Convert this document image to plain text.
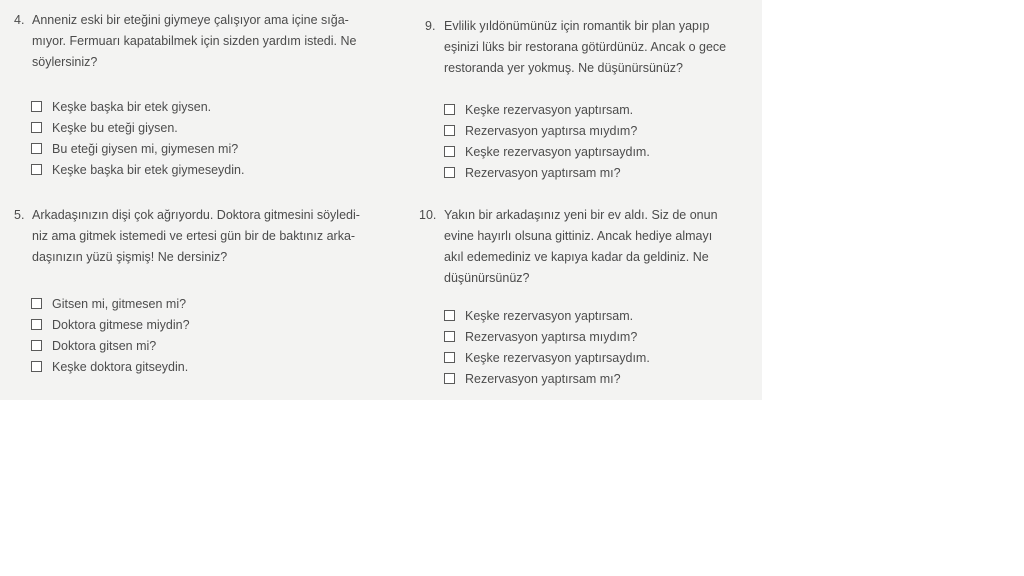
4. Anneniz eski bir eteğini giymeye çalışıyor ama içine sığa-
mıyor. Fermuarı kapatabilmek için sizden yardım istedi. Ne
söylersiniz?
Keşke başka bir etek giysen.
Keşke bu eteği giysen.
Bu eteği giysen mi, giymesen mi?
Keşke başka bir etek giymeseydin.
5. Arkadaşınızın dişi çok ağrıyordu. Doktora gitmesini söyledi-
niz ama gitmek istemedi ve ertesi gün bir de baktınız arka-
daşınızın yüzü şişmiş! Ne dersiniz?
Gitsen mi, gitmesen mi?
Doktora gitmese miydin?
Doktora gitsen mi?
Keşke doktora gitseydin.
9. Evlilik yıldönümünüz için romantik bir plan yapıp
eşinizi lüks bir restorana götürdünüz. Ancak o gece
restoranda yer yokmuş. Ne düşünürsünüz?
Keşke rezervasyon yaptırsam.
Rezervasyon yaptırsa mıydım?
Keşke rezervasyon yaptırsaydım.
Rezervasyon yaptırsam mı?
10. Yakın bir arkadaşınız yeni bir ev aldı. Siz de onun
evine hayırlı olsuna gittiniz. Ancak hediye almayı
akıl edemediniz ve kapıya kadar da geldiniz. Ne
düşünürsünüz?
Keşke rezervasyon yaptırsam.
Rezervasyon yaptırsa mıydım?
Keşke rezervasyon yaptırsaydım.
Rezervasyon yaptırsam mı?
